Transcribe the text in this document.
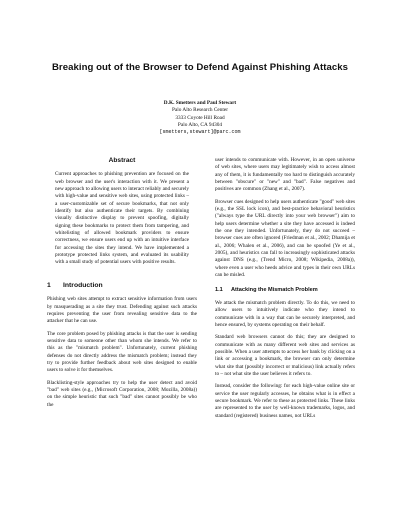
Breaking out of the Browser to Defend Against Phishing Attacks
D.K. Smetters and Paul Stewart
Palo Alto Research Center
3333 Coyote Hill Road
Palo Alto, CA 94304
[smetters,stewart]@parc.com
Abstract

Current approaches to phishing prevention are focused on the web browser and the user's interaction with it. We present a new approach to allowing users to interact reliably and securely with high-value and sensitive web sites, using protected links – a user-customizable set of secure bookmarks, that not only identify but also authenticate their targets. By combining visually distinctive display to prevent spoofing, digitally signing these bookmarks to protect them from tampering, and whitelisting of allowed bookmark providers to ensure correctness, we ensure users end up with an intuitive interface for accessing the sites they intend. We have implemented a prototype protected links system, and evaluated its usability with a small study of potential users with positive results.

1 Introduction

Phishing web sites attempt to extract sensitive information from users by masquerading as a site they trust. Defending against such attacks requires preventing the user from revealing sensitive data to the attacker that he can use.

The core problem posed by phishing attacks is that the user is sending sensitive data to someone other than whom she intends. We refer to this as the "mismatch problem". Unfortunately, current phishing defenses do not directly address the mismatch problem; instead they try to provide further feedback about web sites designed to enable users to solve it for themselves.

Blacklisting-style approaches try to help the user detect and avoid "bad" web sites (e.g., (Microsoft Corporation, 2008; Mozilla, 2008a)) on the simple heuristic that such "bad" sites cannot possibly be who the

user intends to communicate with. However, in an open universe of web sites, where users may legitimately wish to access almost any of them, it is fundamentally too hard to distinguish accurately between "obscure" or "new" and "bad". False negatives and positives are common (Zhang et al., 2007).

Browser cues designed to help users authenticate "good" web sites (e.g., the SSL lock icon), and best-practice behavioral heuristics ("always type the URL directly into your web browser") aim to help users determine whether a site they have accessed is indeed the one they intended. Unfortunately, they do not succeed – browser cues are often ignored (Friedman et al., 2002; Dhamija et al., 2006; Whalen et al., 2006), and can be spoofed (Ye et al., 2005), and heuristics can fall to increasingly sophisticated attacks against DNS (e.g., (Trend Micro, 2008; Wikipedia, 2008a)), where even a user who heeds advice and types in their own URLs can be misled.

1.1 Attacking the Mismatch Problem

We attack the mismatch problem directly. To do this, we need to allow users to intuitively indicate who they intend to communicate with in a way that can be securely interpreted, and hence ensured, by systems operating on their behalf.

Standard web browsers cannot do this; they are designed to communicate with as many different web sites and services as possible. When a user attempts to access her bank by clicking on a link or accessing a bookmark, the browser can only determine what site that (possibly incorrect or malicious) link actually refers to – not what site the user believes it refers to.

Instead, consider the following: for each high-value online site or service the user regularly accesses, he obtains what is in effect a secure bookmark. We refer to these as protected links. These links are represented to the user by well-known trademarks, logos, and standard (registered) business names, not URLs
